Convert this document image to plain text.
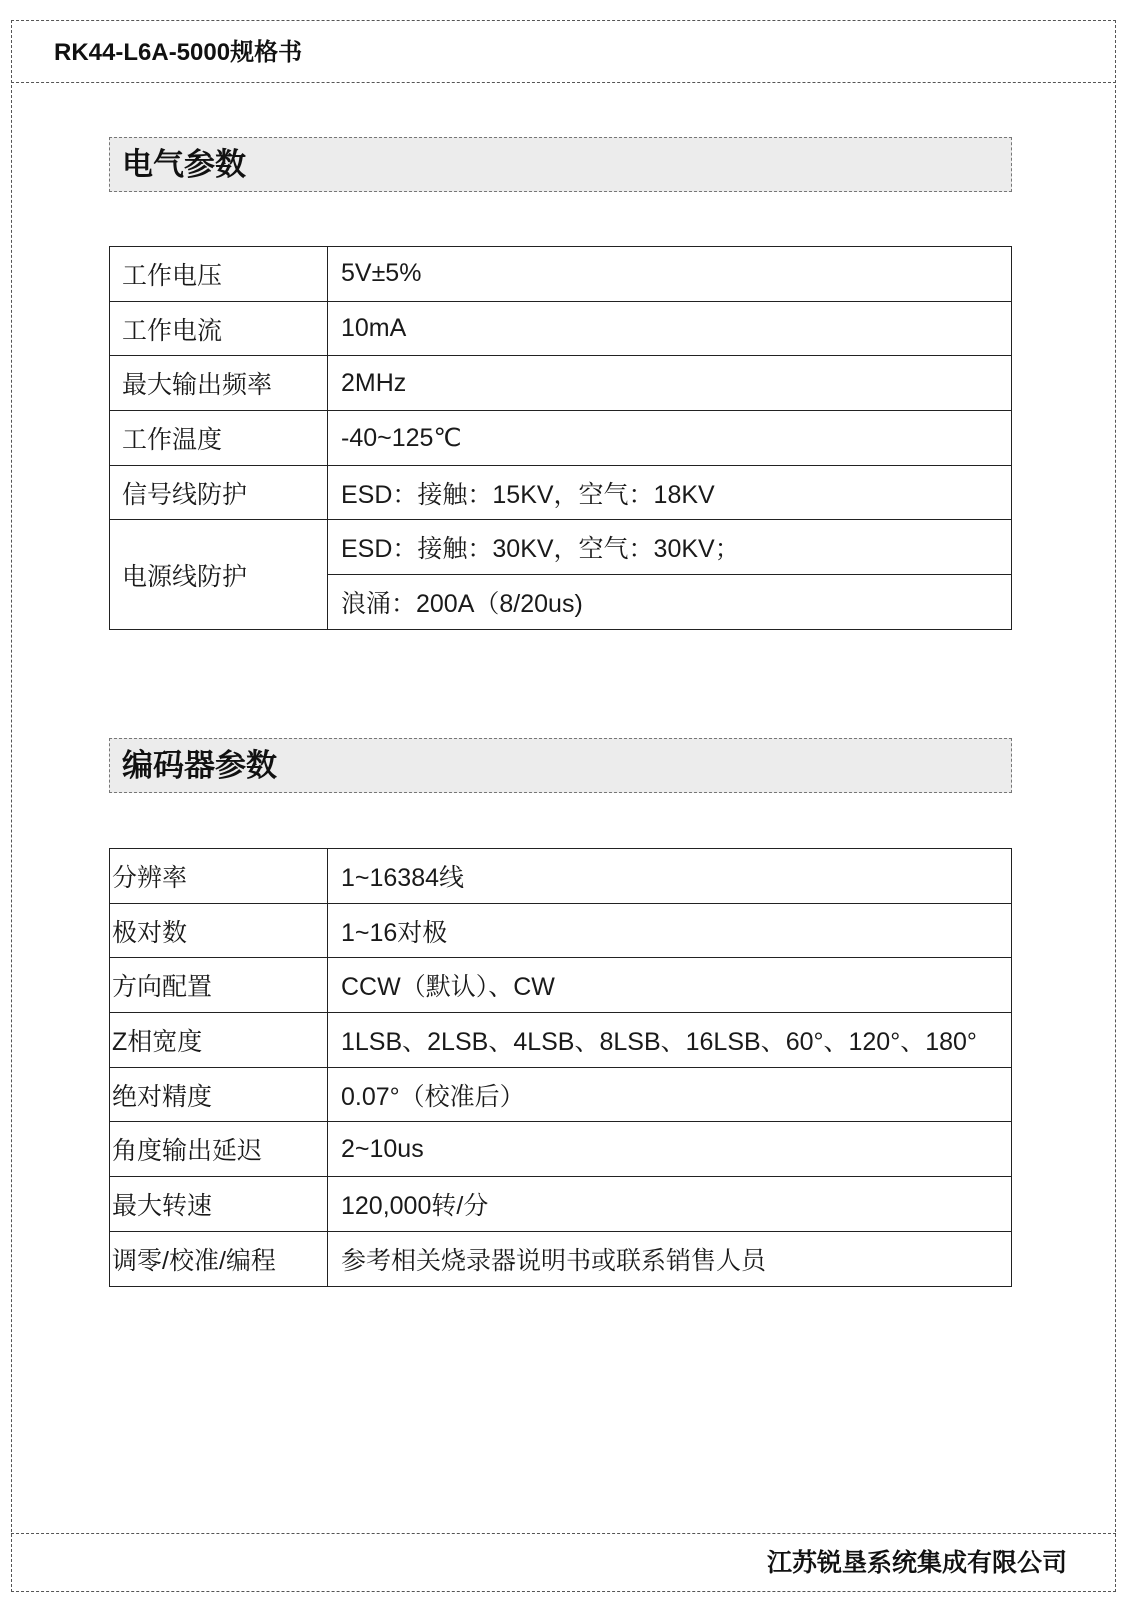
RK44-L6A-5000规格书
电气参数
工作电压	5V±5%
工作电流	10mA
最大输出频率	2MHz
工作温度	-40~125℃
信号线防护	ESD：接触：15KV，空气：18KV
电源线防护	ESD：接触：30KV，空气：30KV；
	浪涌：200A（8/20us)
编码器参数
分辨率	1~16384线
极对数	1~16对极
方向配置	CCW（默认）、CW
Z相宽度	1LSB、2LSB、4LSB、8LSB、16LSB、60°、120°、180°
绝对精度	0.07°（校准后）
角度输出延迟	2~10us
最大转速	120,000转/分
调零/校准/编程	参考相关烧录器说明书或联系销售人员
江苏锐垦系统集成有限公司
